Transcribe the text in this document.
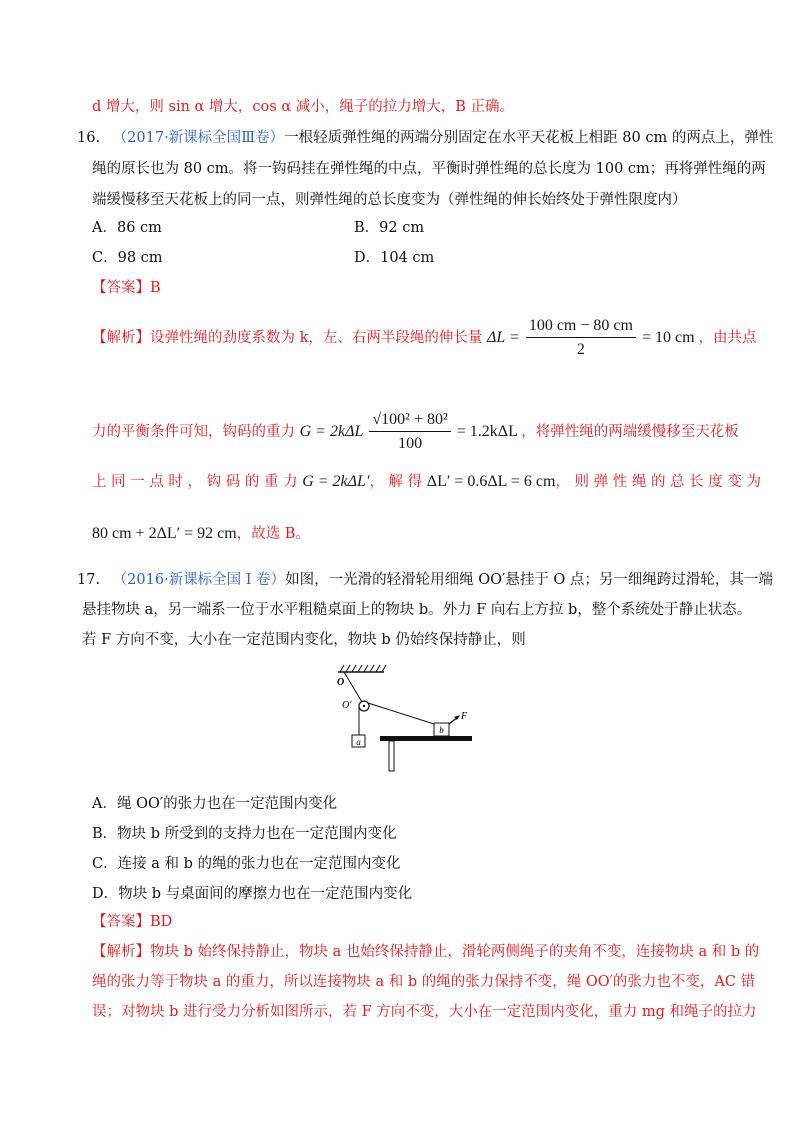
d 增大，则 sin α 增大，cos α 减小，绳子的拉力增大，B 正确。
16. （2017·新课标全国Ⅲ卷）一根轻质弹性绳的两端分别固定在水平天花板上相距 80 cm 的两点上，弹性
绳的原长也为 80 cm。将一钩码挂在弹性绳的中点，平衡时弹性绳的总长度为 100 cm；再将弹性绳的两
端缓慢移至天花板上的同一点，则弹性绳的总长度变为（弹性绳的伸长始终处于弹性限度内）
A．86 cm	B．92 cm
C．98 cm	D．104 cm
【答案】B
【解析】设弹性绳的劲度系数为 k，左、右两半段绳的伸长量 $\Delta L = \frac{100 cm - 80 cm}{2} = 10$ cm ，由共点
力的平衡条件可知，钩码的重力 $G = 2k\Delta L \frac{\text{√100² + 80²}}{100} = 1.2k\Delta L$ ，将弹性绳的两端缓慢移至天花板
上 同 一 点 时 ， 钩 码 的 重 力 G = 2kΔL′， 解 得 ΔL′ = 0.6ΔL = 6 cm， 则 弹 性 绳 的 总 长 度 变 为
80 cm + 2ΔL′ = 92 cm，故选 B。
17. （2016·新课标全国 I 卷）如图，一光滑的轻滑轮用细绳 OO′悬挂于 O 点；另一细绳跨过滑轮，其一端
悬挂物块 a，另一端系一位于水平粗糙桌面上的物块 b。外力 F 向右上方拉 b，整个系统处于静止状态。
若 F 方向不变，大小在一定范围内变化，物块 b 仍始终保持静止，则
a
b
F
O
O′
A．绳 OO′的张力也在一定范围内变化
B．物块 b 所受到的支持力也在一定范围内变化
C．连接 a 和 b 的绳的张力也在一定范围内变化
D．物块 b 与桌面间的摩擦力也在一定范围内变化
【答案】BD
【解析】物块 b 始终保持静止，物块 a 也始终保持静止，滑轮两侧绳子的夹角不变，连接物块 a 和 b 的
绳的张力等于物块 a 的重力，所以连接物块 a 和 b 的绳的张力保持不变，绳 OO′的张力也不变，AC 错
误；对物块 b 进行受力分析如图所示，若 F 方向不变，大小在一定范围内变化，重力 mg 和绳子的拉力
